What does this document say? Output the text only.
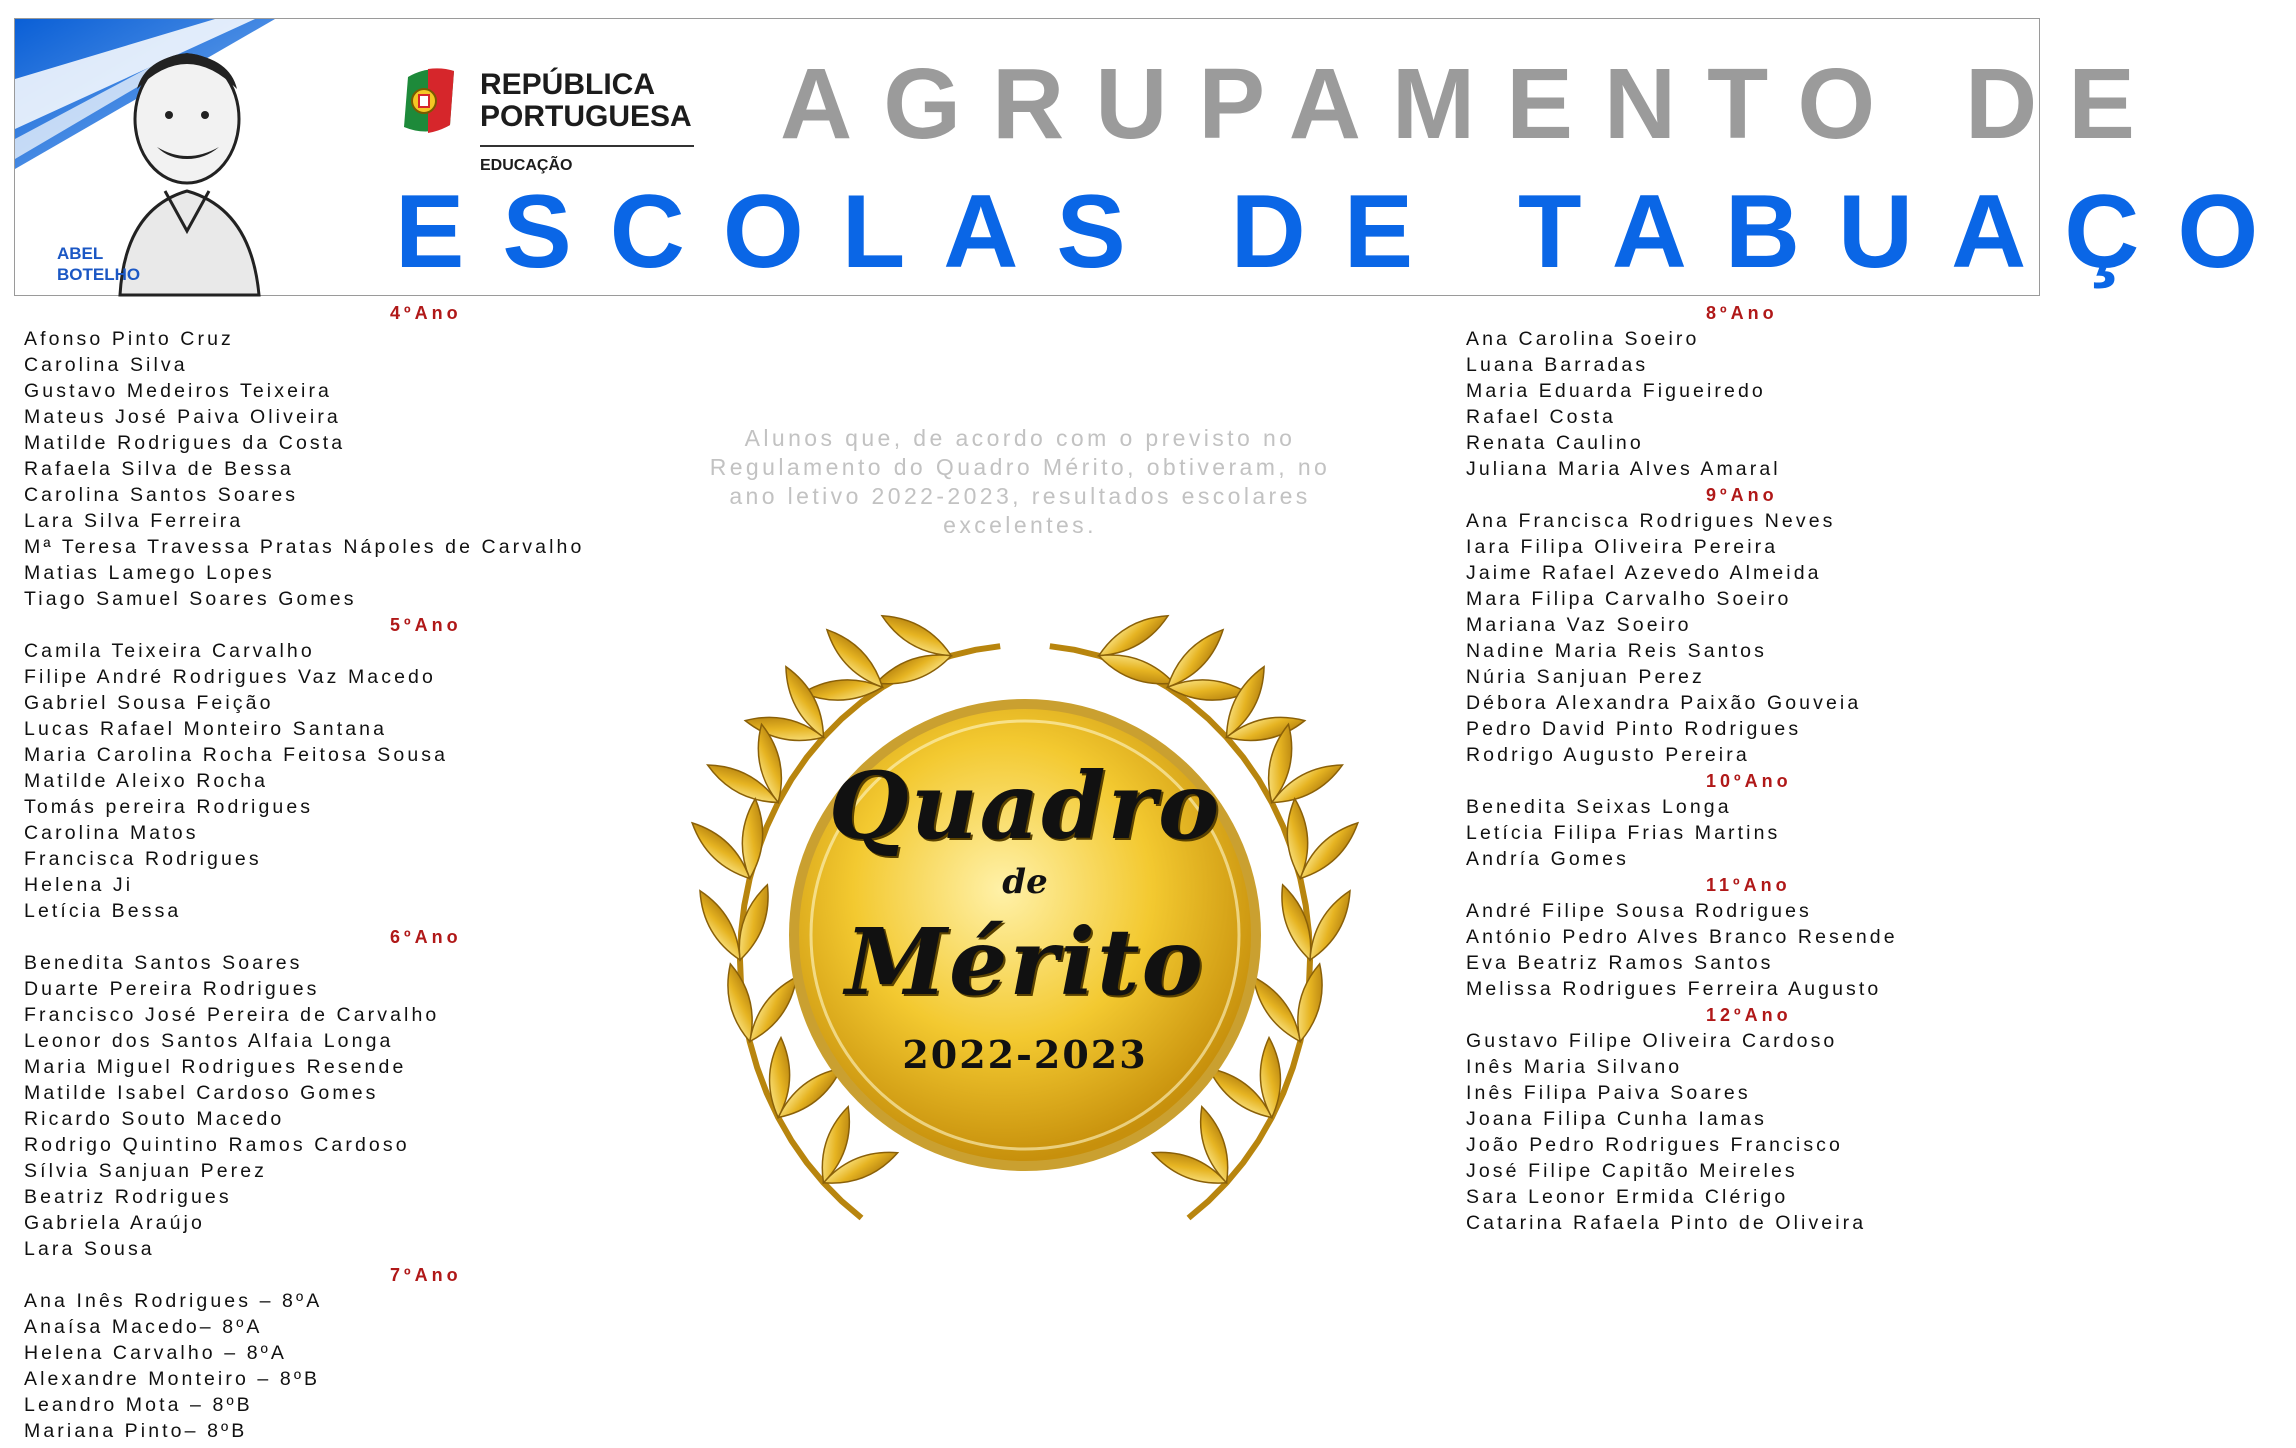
ABEL
BOTELHO
REPÚBLICA
PORTUGUESA
EDUCAÇÃO
AGRUPAMENTO DE
ESCOLAS DE TABUAÇO
4ºAno
Afonso Pinto Cruz
Carolina Silva
Gustavo Medeiros Teixeira
Mateus José Paiva Oliveira
Matilde Rodrigues da Costa
Rafaela Silva de Bessa
Carolina Santos Soares
Lara Silva Ferreira
Mª Teresa Travessa Pratas Nápoles de Carvalho
Matias Lamego Lopes
Tiago Samuel Soares Gomes
5ºAno
Camila Teixeira Carvalho
Filipe André Rodrigues Vaz Macedo
Gabriel Sousa Feição
Lucas Rafael Monteiro Santana
Maria Carolina Rocha Feitosa Sousa
Matilde Aleixo Rocha
Tomás pereira Rodrigues
Carolina Matos
Francisca Rodrigues
Helena Ji
Letícia Bessa
6ºAno
Benedita Santos Soares
Duarte Pereira Rodrigues
Francisco José Pereira de Carvalho
Leonor dos Santos Alfaia Longa
Maria Miguel Rodrigues Resende
Matilde Isabel Cardoso Gomes
Ricardo Souto Macedo
Rodrigo Quintino Ramos Cardoso
Sílvia Sanjuan Perez
Beatriz Rodrigues
Gabriela Araújo
Lara Sousa
7ºAno
Ana Inês Rodrigues – 8ºA
Anaísa Macedo– 8ºA
Helena Carvalho – 8ºA
Alexandre Monteiro – 8ºB
Leandro Mota – 8ºB
Mariana Pinto– 8ºB
Alunos que, de acordo com o previsto no Regulamento do Quadro Mérito, obtiveram, no ano letivo 2022-2023, resultados escolares excelentes.
Quadro
de
Mérito
2022-2023
8ºAno
Ana Carolina Soeiro
Luana Barradas
Maria Eduarda Figueiredo
Rafael Costa
Renata Caulino
Juliana Maria Alves Amaral
9ºAno
Ana Francisca Rodrigues Neves
Iara Filipa Oliveira Pereira
Jaime Rafael Azevedo Almeida
Mara Filipa Carvalho Soeiro
Mariana Vaz Soeiro
Nadine Maria Reis Santos
Núria Sanjuan Perez
Débora Alexandra Paixão Gouveia
Pedro David Pinto Rodrigues
Rodrigo Augusto Pereira
10ºAno
Benedita Seixas Longa
Letícia Filipa Frias Martins
Andría Gomes
11ºAno
André Filipe Sousa Rodrigues
António Pedro Alves Branco Resende
Eva Beatriz Ramos Santos
Melissa Rodrigues Ferreira Augusto
12ºAno
Gustavo Filipe Oliveira Cardoso
Inês Maria Silvano
Inês Filipa Paiva Soares
Joana Filipa Cunha Iamas
João Pedro Rodrigues Francisco
José Filipe Capitão Meireles
Sara Leonor Ermida Clérigo
Catarina Rafaela Pinto de Oliveira
